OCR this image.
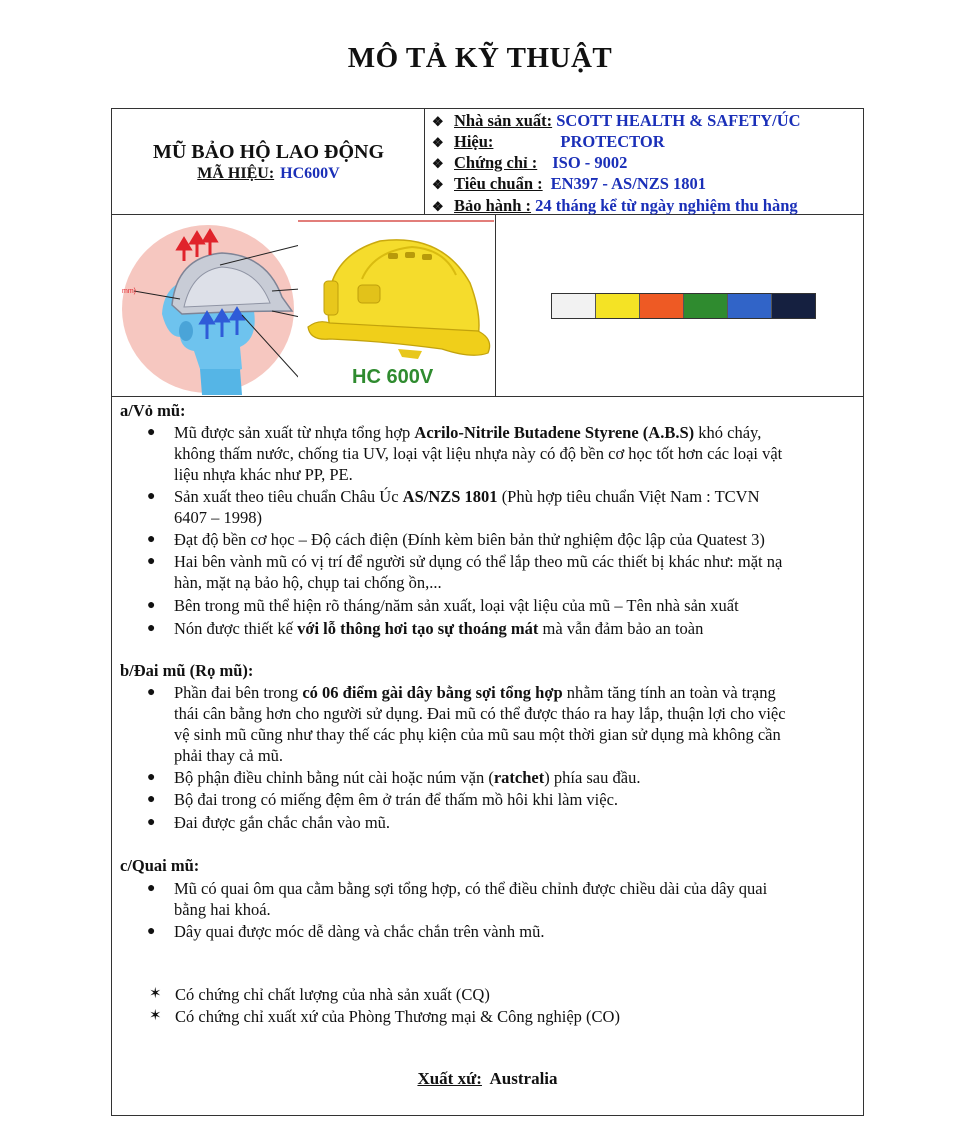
MÔ TẢ KỸ THUẬT
MŨ BẢO HỘ LAO ĐỘNG
MÃ HIỆU: HC600V
❖ Nhà sản xuất: SCOTT HEALTH & SAFETY/ÚC
❖ Hiệu:	PROTECTOR
❖ Chứng chỉ : ISO - 9002
❖ Tiêu chuẩn : EN397 - AS/NZS 1801
❖ Bảo hành : 24 tháng kể từ ngày nghiệm thu hàng
mm)
HC 600V
a/Vỏ mũ:
●	Mũ được sản xuất từ nhựa tổng hợp Acrilo-Nitrile Butadene Styrene (A.B.S) khó cháy,
không thấm nước, chống tia UV, loại vật liệu nhựa này có độ bền cơ học tốt hơn các loại vật
liệu nhựa khác như PP, PE.
●	Sản xuất theo tiêu chuẩn Châu Úc AS/NZS 1801 (Phù hợp tiêu chuẩn Việt Nam : TCVN
6407 – 1998)
●	Đạt độ bền cơ học – Độ cách điện (Đính kèm biên bản thử nghiệm độc lập của Quatest 3)
●	Hai bên vành mũ có vị trí để người sử dụng có thể lắp theo mũ các thiết bị khác như: mặt nạ
hàn, mặt nạ bảo hộ, chụp tai chống ồn,...
●	Bên trong mũ thể hiện rõ tháng/năm sản xuất, loại vật liệu của mũ – Tên nhà sản xuất
●	Nón được thiết kế với lỗ thông hơi tạo sự thoáng mát mà vẫn đảm bảo an toàn
b/Đai mũ (Rọ mũ):
●	Phần đai bên trong có 06 điểm gài dây bằng sợi tổng hợp nhằm tăng tính an toàn và trạng
thái cân bằng hơn cho người sử dụng. Đai mũ có thể được tháo ra hay lắp, thuận lợi cho việc
vệ sinh mũ cũng như thay thế các phụ kiện của mũ sau một thời gian sử dụng mà không cần
phải thay cả mũ.
●	Bộ phận điều chỉnh bằng nút cài hoặc núm vặn (ratchet) phía sau đầu.
●	Bộ đai trong có miếng đệm êm ở trán để thấm mồ hôi khi làm việc.
●	Đai được gắn chắc chắn vào mũ.
c/Quai mũ:
●	Mũ có quai ôm qua cằm bằng sợi tổng hợp, có thể điều chỉnh được chiều dài của dây quai
bằng hai khoá.
●	Dây quai được móc dễ dàng và chắc chắn trên vành mũ.
✶ Có chứng chỉ chất lượng của nhà sản xuất (CQ)
✶ Có chứng chỉ xuất xứ của Phòng Thương mại & Công nghiệp (CO)
Xuất xứ: Australia
